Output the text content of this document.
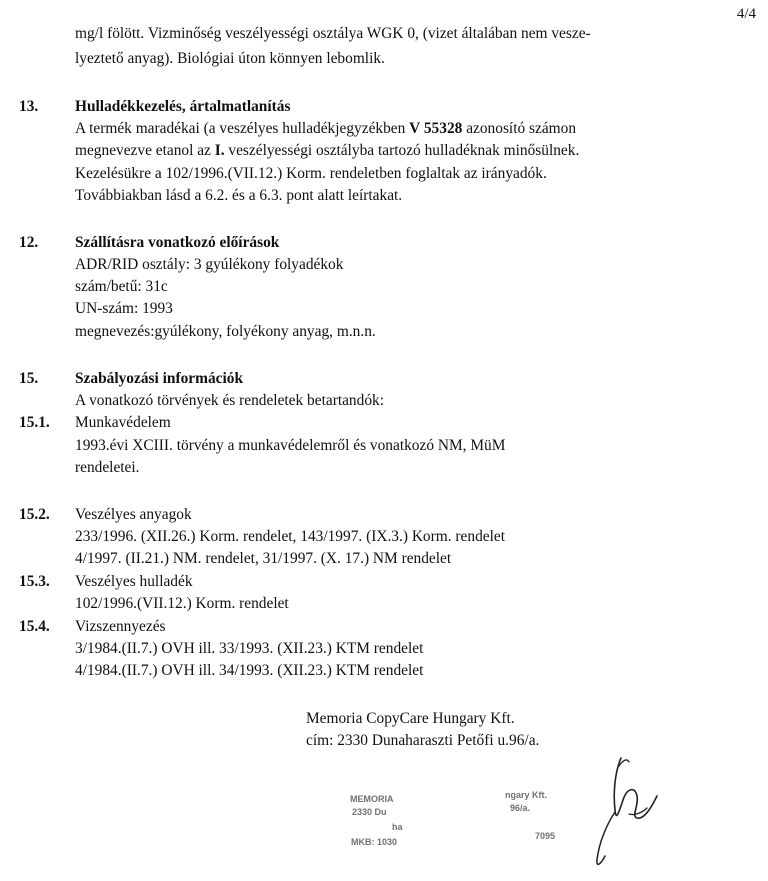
4/4
mg/l fölött. Vizminőség veszélyességi osztálya WGK 0, (vizet általában nem vesze-
lyeztető anyag). Biológiai úton könnyen lebomlik.
13. Hulladékkezelés, ártalmatlanítás
A termék maradékai (a veszélyes hulladékjegyzékben V 55328 azonosító számon
megnevezve etanol az I. veszélyességi osztályba tartozó hulladéknak minősülnek.
Kezelésükre a 102/1996.(VII.12.) Korm. rendeletben foglaltak az irányadók.
Továbbiakban lásd a 6.2. és a 6.3. pont alatt leírtakat.
12. Szállításra vonatkozó előírások
ADR/RID osztály: 3 gyúlékony folyadékok
szám/betű: 31c
UN-szám: 1993
megnevezés:gyúlékony, folyékony anyag, m.n.n.
15. Szabályozási információk
A vonatkozó törvények és rendeletek betartandók:
15.1. Munkavédelem
1993.évi XCIII. törvény a munkavédelemről és vonatkozó NM, MüM
rendeletei.
15.2. Veszélyes anyagok
233/1996. (XII.26.) Korm. rendelet, 143/1997. (IX.3.) Korm. rendelet
4/1997. (II.21.) NM. rendelet, 31/1997. (X. 17.) NM rendelet
15.3. Veszélyes hulladék
102/1996.(VII.12.) Korm. rendelet
15.4. Vizszennyezés
3/1984.(II.7.) OVH ill. 33/1993. (XII.23.) KTM rendelet
4/1984.(II.7.) OVH ill. 34/1993. (XII.23.) KTM rendelet
Memoria CopyCare Hungary Kft.
cím: 2330 Dunaharaszti Petőfi u.96/a.
MEMORIA	ngary Kft.
2330 Du	96/a.
ha
MKB: 1030
7095
